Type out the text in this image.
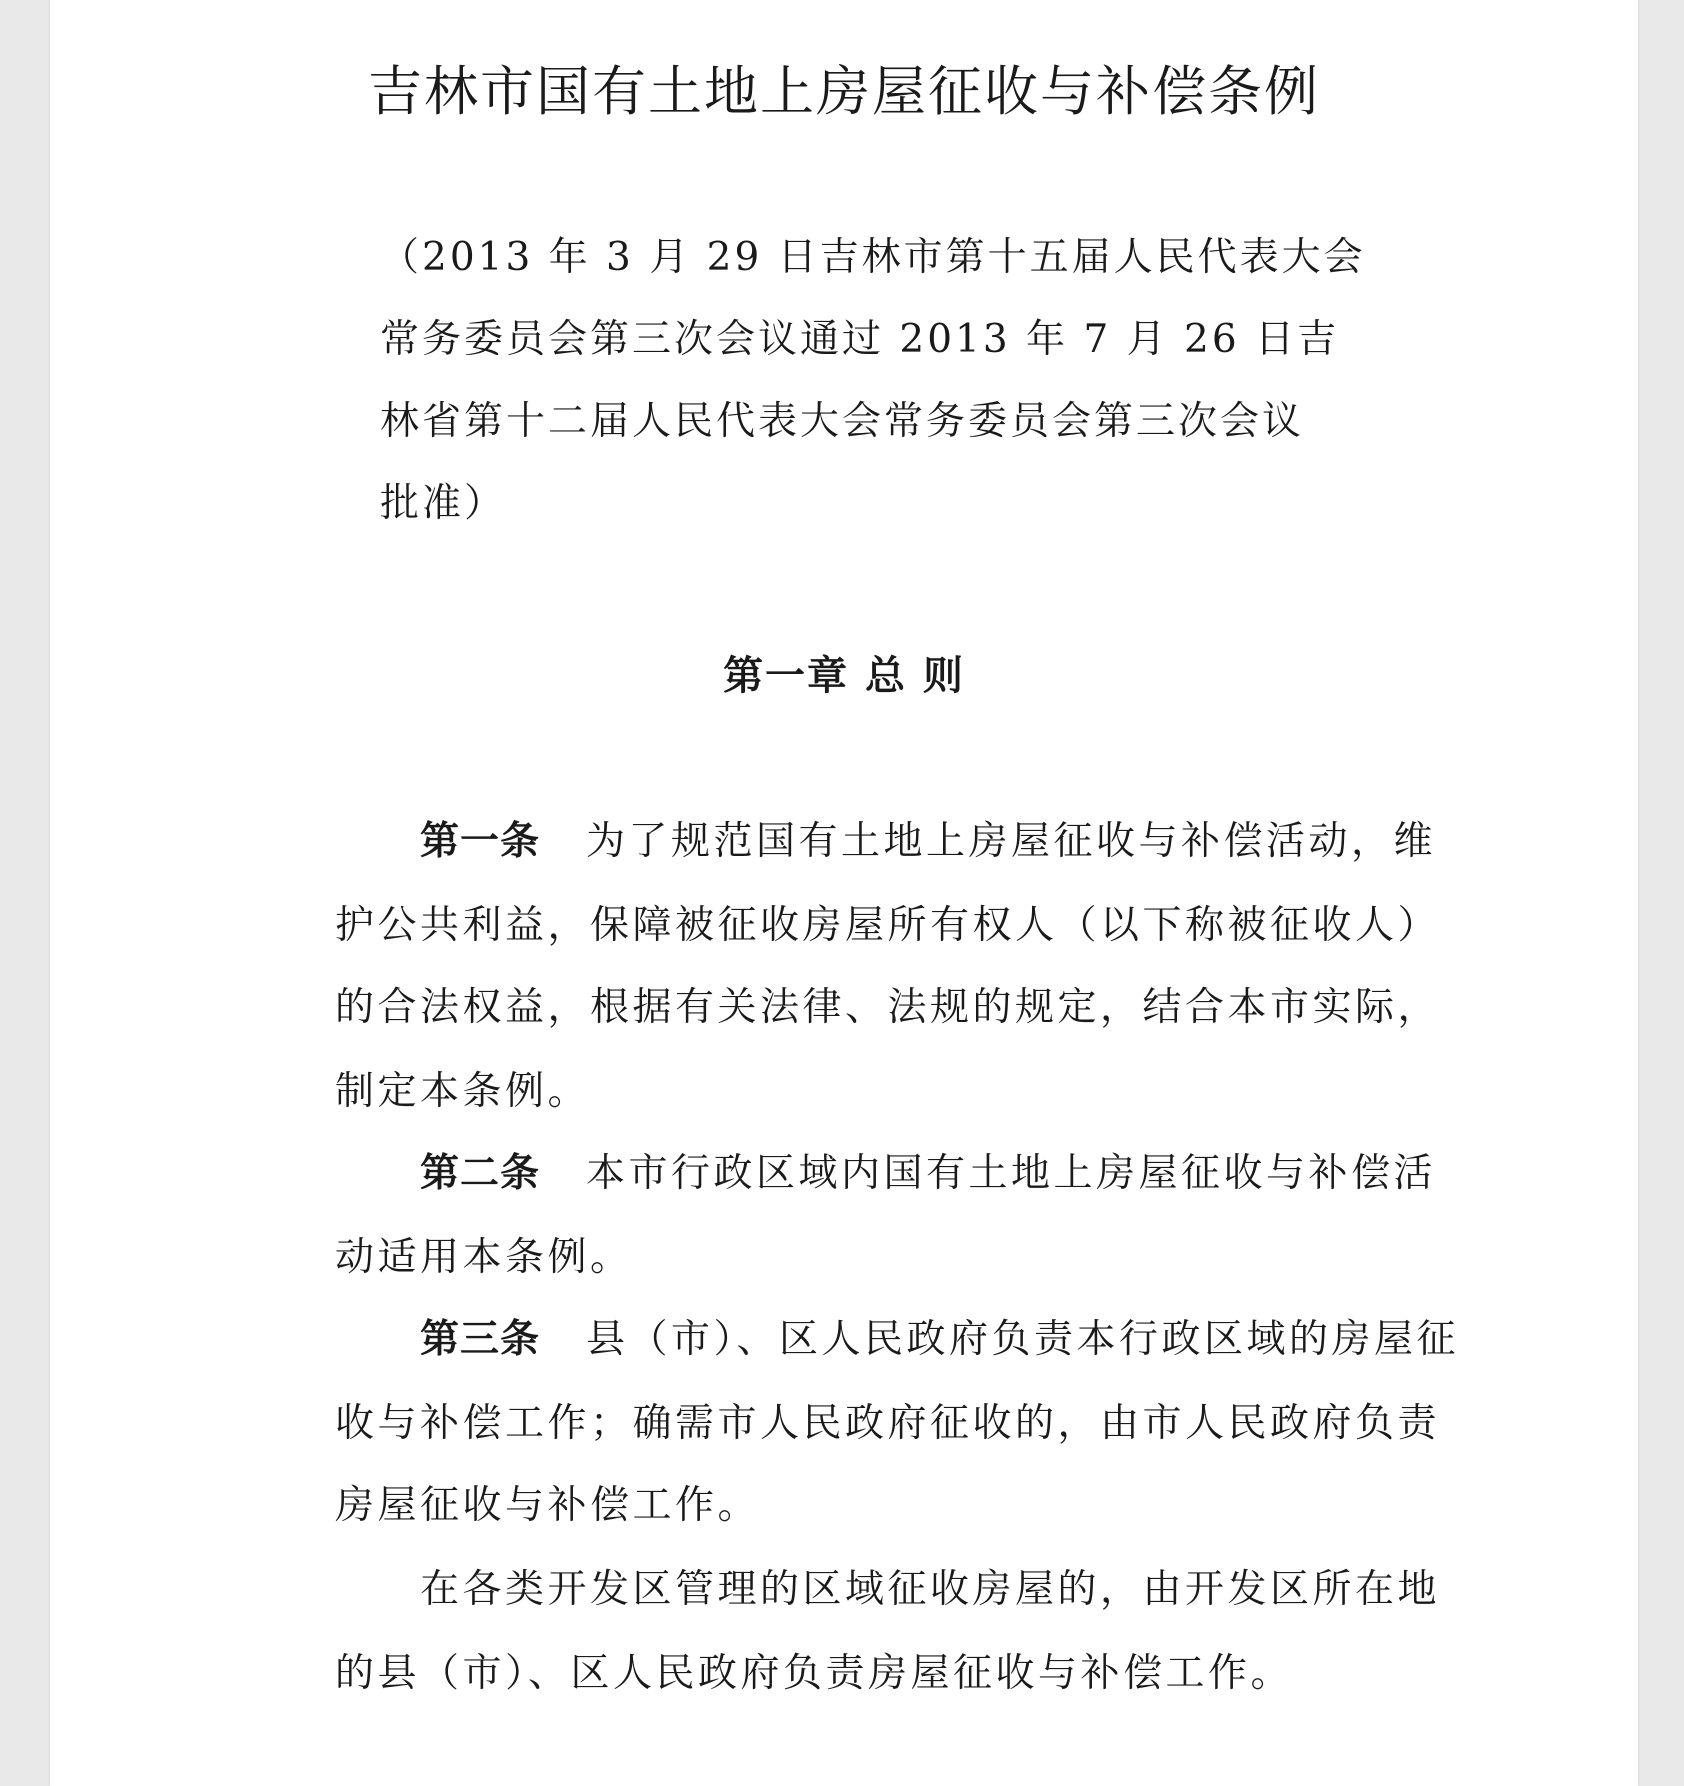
吉林市国有土地上房屋征收与补偿条例

（2013 年 3 月 29 日吉林市第十五届人民代表大会

常务委员会第三次会议通过 2013 年 7 月 26 日吉

林省第十二届人民代表大会常务委员会第三次会议

批准）

第一章 总 则

第一条 为了规范国有土地上房屋征收与补偿活动，维

护公共利益，保障被征收房屋所有权人（以下称被征收人）

的合法权益，根据有关法律、法规的规定，结合本市实际，

制定本条例。

第二条 本市行政区域内国有土地上房屋征收与补偿活

动适用本条例。

第三条 县（市）、区人民政府负责本行政区域的房屋征

收与补偿工作；确需市人民政府征收的，由市人民政府负责

房屋征收与补偿工作。

在各类开发区管理的区域征收房屋的，由开发区所在地

的县（市）、区人民政府负责房屋征收与补偿工作。
